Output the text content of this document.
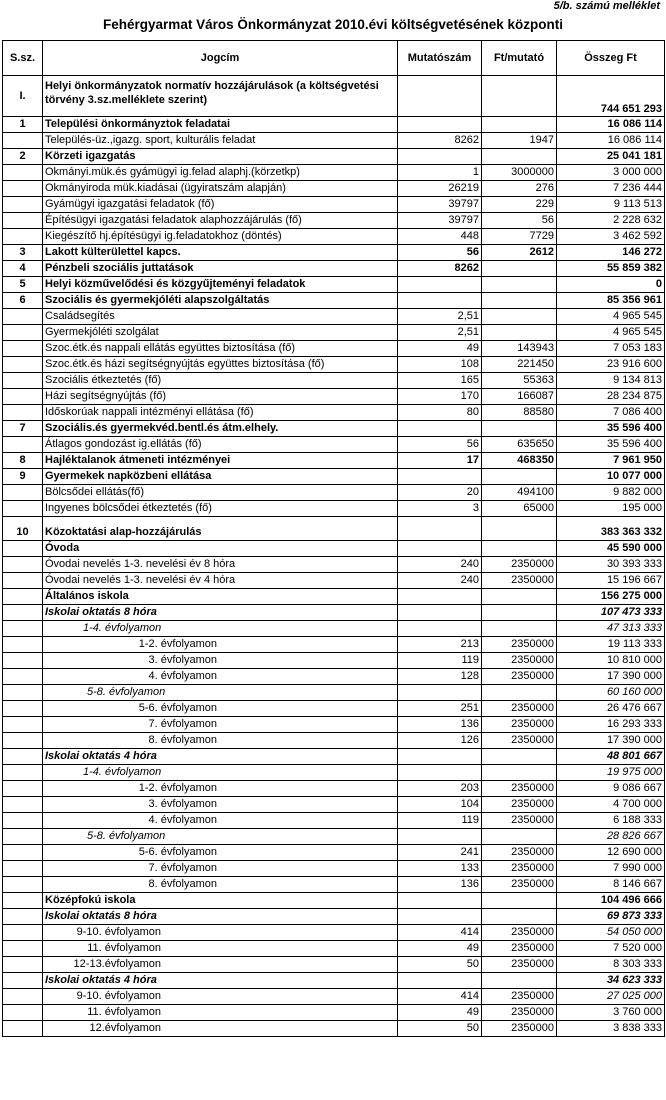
5/b. számú melléklet
Fehérgyarmat Város Önkormányzat 2010.évi költségvetésének központi
S.sz.	Jogcím	Mutatószám	Ft/mutató	Összeg Ft
I.	Helyi önkormányzatok normatív hozzájárulások (a költségvetési törvény 3.sz.melléklete szerint)			744 651 293
1	Települési önkormányztok feladatai			16 086 114
	Település-üz.,igazg. sport, kulturális feladat	8262	1947	16 086 114
2	Körzeti igazgatás			25 041 181
	Okmányi.mük.és gyámügyi ig.felad alaphj.(körzetkp)	1	3000000	3 000 000
	Okmányiroda mük.kiadásai (ügyiratszám alapján)	26219	276	7 236 444
	Gyámügyi igazgatási feladatok (fő)	39797	229	9 113 513
	Építésügyi igazgatási feladatok alaphozzájárulás (fő)	39797	56	2 228 632
	Kiegészítő hj.építésügyi ig.feladatokhoz (döntés)	448	7729	3 462 592
3	Lakott külterülettel kapcs.	56	2612	146 272
4	Pénzbeli szociális juttatások	8262		55 859 382
5	Helyi közművelődési és közgyűjteményi feladatok			0
6	Szociális és gyermekjóléti alapszolgáltatás			85 356 961
	Családsegítés	2,51		4 965 545
	Gyermekjóléti szolgálat	2,51		4 965 545
	Szoc.étk.és nappali ellátás együttes biztosítása (fő)	49	143943	7 053 183
	Szoc.étk.és házi segítségnyújtás együttes biztosítása (fő)	108	221450	23 916 600
	Szociális étkeztetés (fő)	165	55363	9 134 813
	Házi segítségnyújtás (fő)	170	166087	28 234 875
	Időskorúak nappali intézményi ellátása (fő)	80	88580	7 086 400
7	Szociális.és gyermekvéd.bentl.és átm.elhely.			35 596 400
	Átlagos gondozást ig.ellátás (fő)	56	635650	35 596 400
8	Hajléktalanok átmeneti intézményei	17	468350	7 961 950
9	Gyermekek napközbeni ellátása			10 077 000
	Bölcsődei ellátás(fő)	20	494100	9 882 000
	Ingyenes bölcsődei étkeztetés (fő)	3	65000	195 000
10	Közoktatási alap-hozzájárulás			383 363 332
	Óvoda			45 590 000
	Óvodai nevelés 1-3. nevelési év 8 hóra	240	2350000	30 393 333
	Óvodai nevelés 1-3. nevelési év 4 hóra	240	2350000	15 196 667
	Általános iskola			156 275 000
	Iskolai oktatás 8 hóra			107 473 333
	1-4. évfolyamon			47 313 333
	1-2. évfolyamon	213	2350000	19 113 333
	3. évfolyamon	119	2350000	10 810 000
	4. évfolyamon	128	2350000	17 390 000
	5-8. évfolyamon			60 160 000
	5-6. évfolyamon	251	2350000	26 476 667
	7. évfolyamon	136	2350000	16 293 333
	8. évfolyamon	126	2350000	17 390 000
	Iskolai oktatás 4 hóra			48 801 667
	1-4. évfolyamon			19 975 000
	1-2. évfolyamon	203	2350000	9 086 667
	3. évfolyamon	104	2350000	4 700 000
	4. évfolyamon	119	2350000	6 188 333
	5-8. évfolyamon			28 826 667
	5-6. évfolyamon	241	2350000	12 690 000
	7. évfolyamon	133	2350000	7 990 000
	8. évfolyamon	136	2350000	8 146 667
	Középfokú iskola			104 496 666
	Iskolai oktatás 8 hóra			69 873 333
	9-10. évfolyamon	414	2350000	54 050 000
	11. évfolyamon	49	2350000	7 520 000
	12-13.évfolyamon	50	2350000	8 303 333
	Iskolai oktatás 4 hóra			34 623 333
	9-10. évfolyamon	414	2350000	27 025 000
	11. évfolyamon	49	2350000	3 760 000
	12.évfolyamon	50	2350000	3 838 333
